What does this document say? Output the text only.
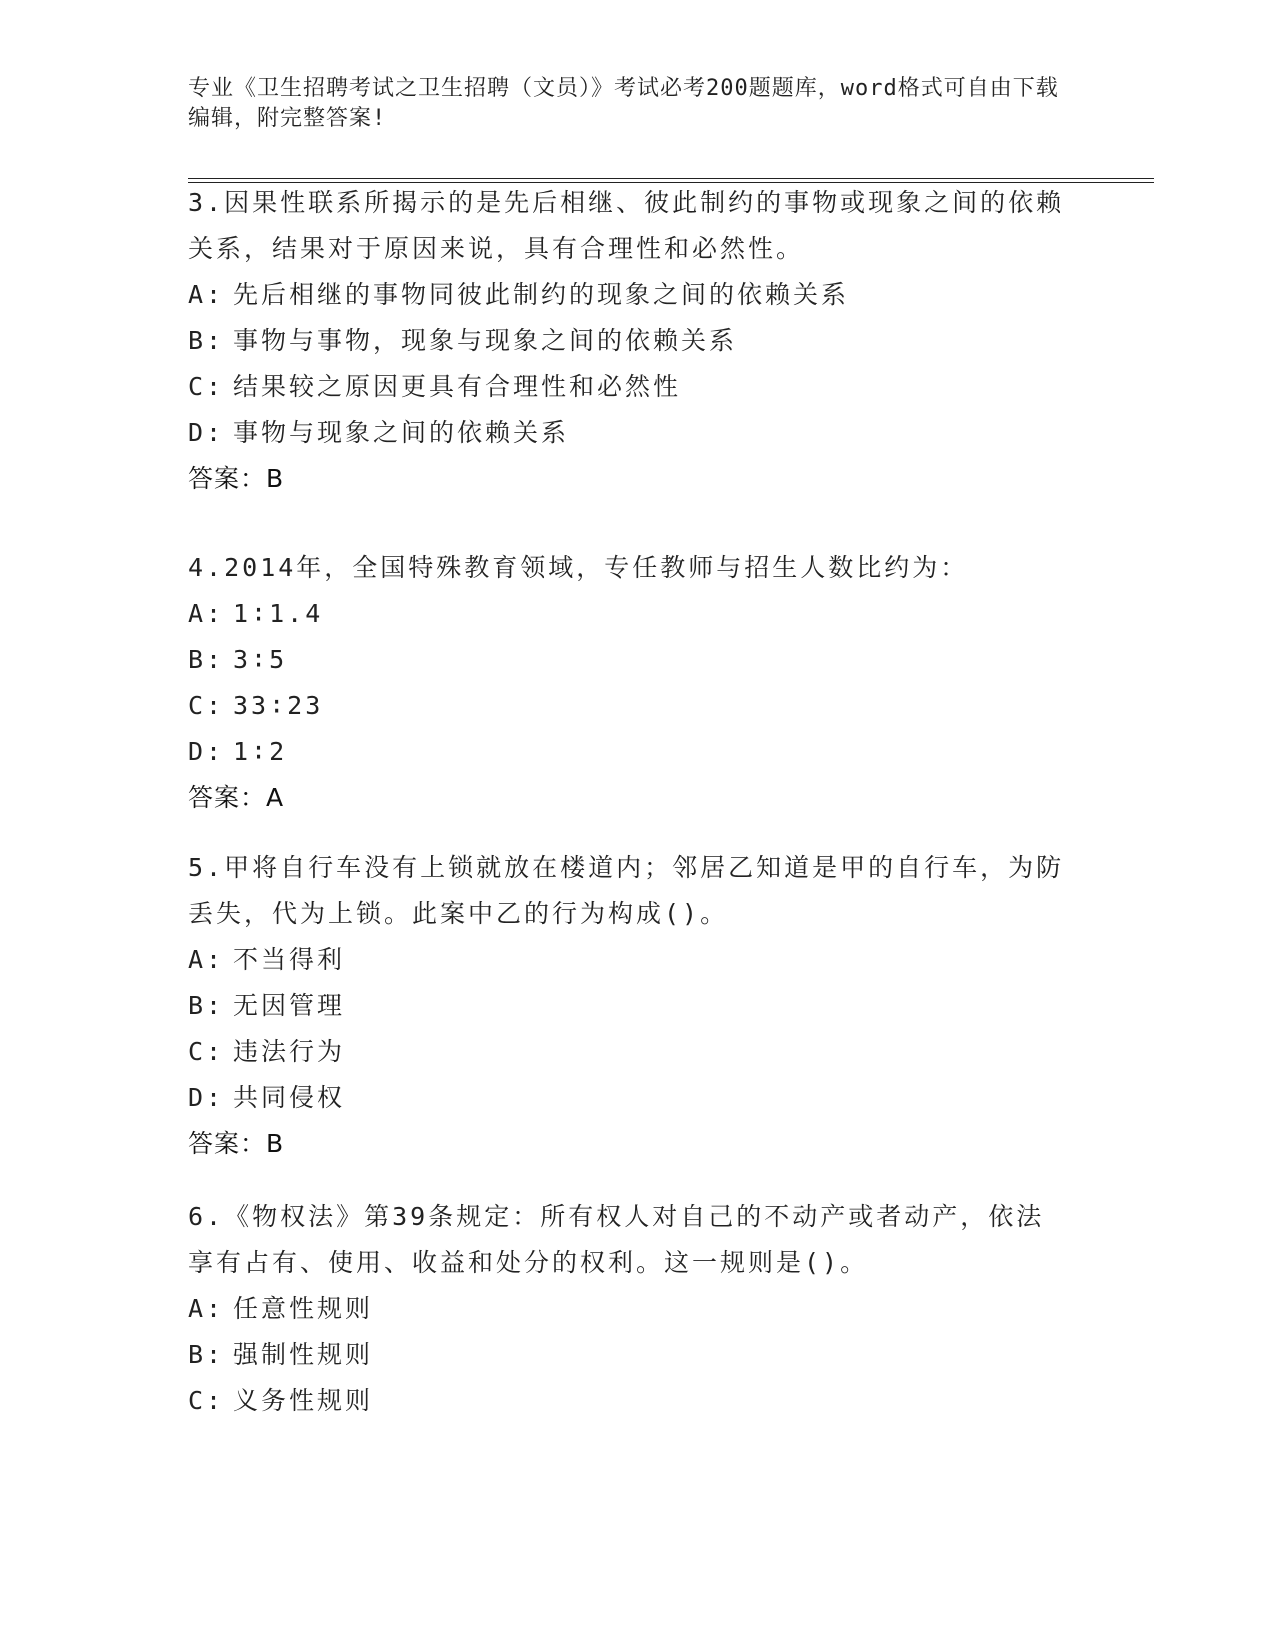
专业《卫生招聘考试之卫生招聘（文员）》考试必考200题题库，word格式可自由下载编辑，附完整答案!
3.因果性联系所揭示的是先后相继、彼此制约的事物或现象之间的依赖关系，结果对于原因来说，具有合理性和必然性。
A: 先后相继的事物同彼此制约的现象之间的依赖关系
B: 事物与事物，现象与现象之间的依赖关系
C: 结果较之原因更具有合理性和必然性
D: 事物与现象之间的依赖关系
答案：B
4.2014年，全国特殊教育领域，专任教师与招生人数比约为：
A: 1∶1.4
B: 3∶5
C: 33∶23
D: 1∶2
答案：A
5.甲将自行车没有上锁就放在楼道内；邻居乙知道是甲的自行车，为防丢失，代为上锁。此案中乙的行为构成()。
A: 不当得利
B: 无因管理
C: 违法行为
D: 共同侵权
答案：B
6.《物权法》第39条规定：所有权人对自己的不动产或者动产，依法享有占有、使用、收益和处分的权利。这一规则是()。
A: 任意性规则
B: 强制性规则
C: 义务性规则
